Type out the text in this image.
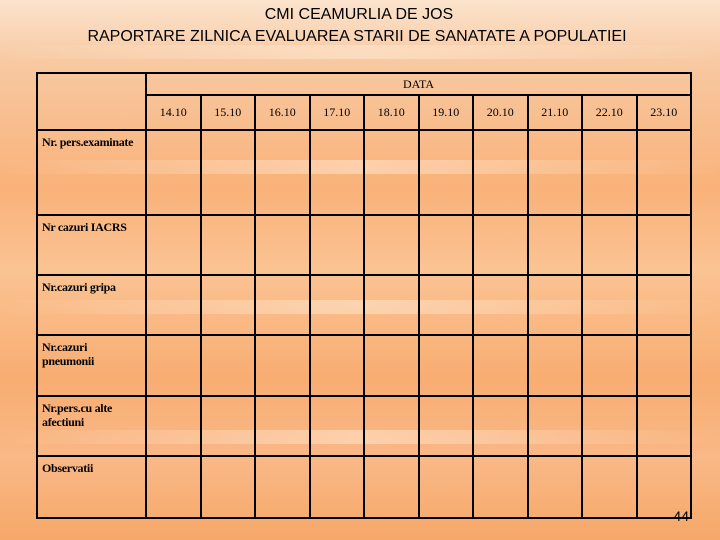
CMI CEAMURLIA DE JOS
RAPORTARE ZILNICA EVALUAREA STARII DE SANATATE A POPULATIEI
	DATA									
	14.10	15.10	16.10	17.10	18.10	19.10	20.10	21.10	22.10	23.10
Nr. pers.examinate										
Nr cazuri IACRS										
Nr.cazuri gripa										
Nr.cazuri pneumonii										
Nr.pers.cu alte afectiuni										
Observatii										
44
